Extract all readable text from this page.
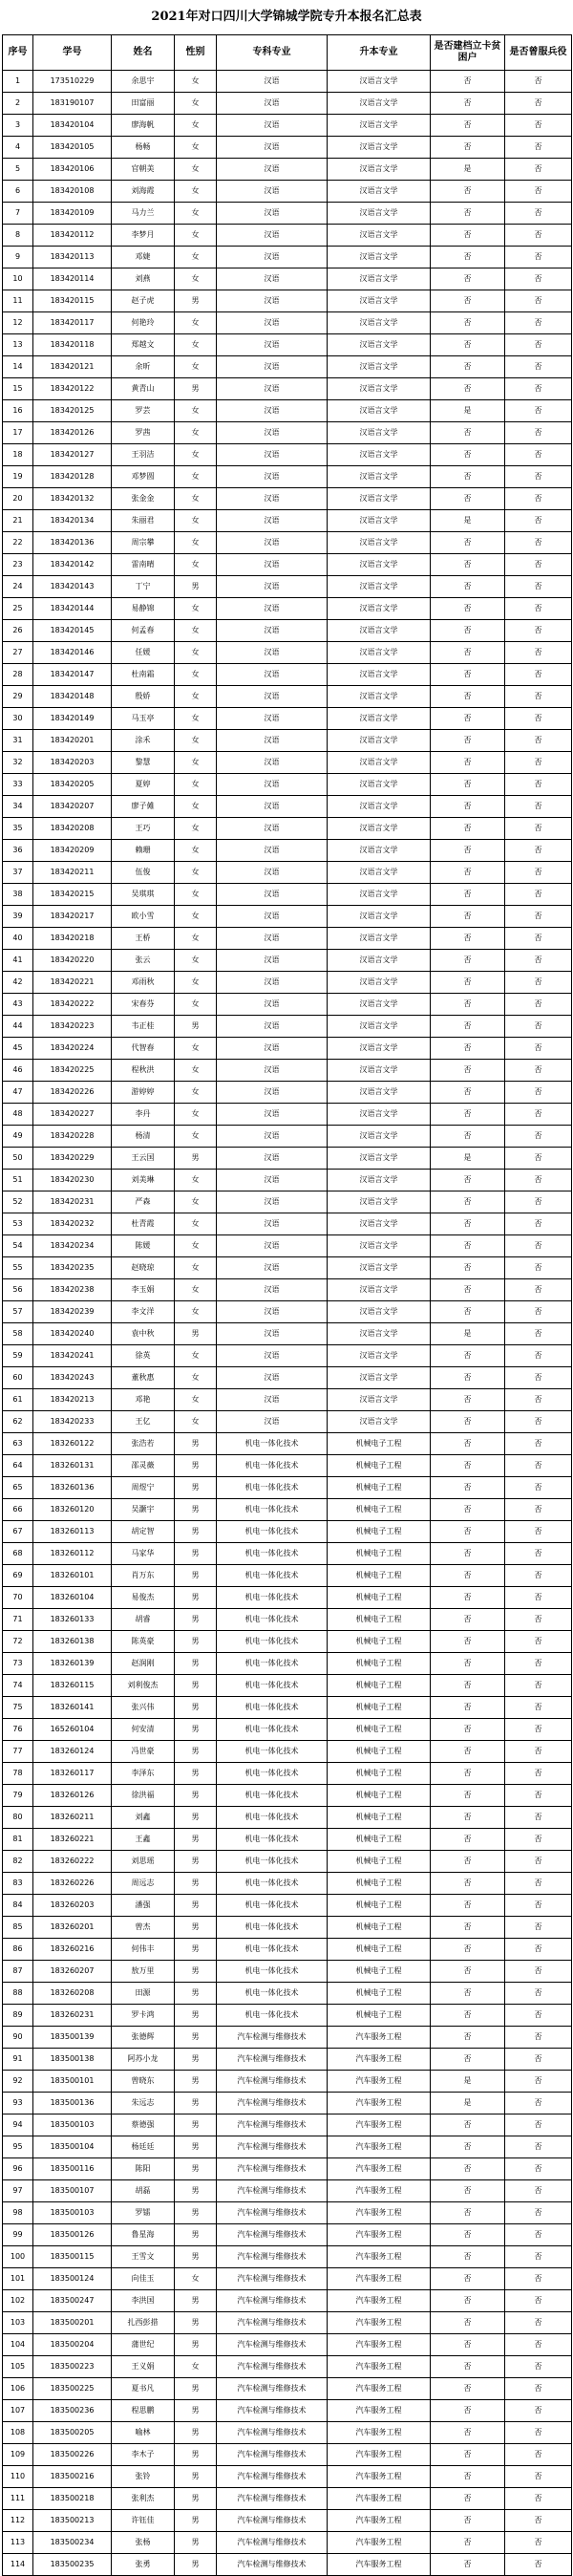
2021年对口四川大学锦城学院专升本报名汇总表
序号	学号	姓名	性别	专科专业	升本专业	是否建档立卡贫困户	是否曾服兵役
1	173510229	余思宇	女	汉语	汉语言文学	否	否
2	183190107	田富丽	女	汉语	汉语言文学	否	否
3	183420104	廖海帆	女	汉语	汉语言文学	否	否
4	183420105	杨畅	女	汉语	汉语言文学	否	否
5	183420106	官朝美	女	汉语	汉语言文学	是	否
6	183420108	刘海霞	女	汉语	汉语言文学	否	否
7	183420109	马力兰	女	汉语	汉语言文学	否	否
8	183420112	李梦月	女	汉语	汉语言文学	否	否
9	183420113	邓婕	女	汉语	汉语言文学	否	否
10	183420114	刘燕	女	汉语	汉语言文学	否	否
11	183420115	赵子虎	男	汉语	汉语言文学	否	否
12	183420117	何艳玲	女	汉语	汉语言文学	否	否
13	183420118	郑越文	女	汉语	汉语言文学	否	否
14	183420121	余昕	女	汉语	汉语言文学	否	否
15	183420122	黄青山	男	汉语	汉语言文学	否	否
16	183420125	罗芸	女	汉语	汉语言文学	是	否
17	183420126	罗茜	女	汉语	汉语言文学	否	否
18	183420127	王羽洁	女	汉语	汉语言文学	否	否
19	183420128	邓梦圆	女	汉语	汉语言文学	否	否
20	183420132	张金金	女	汉语	汉语言文学	否	否
21	183420134	朱丽君	女	汉语	汉语言文学	是	否
22	183420136	周宗攀	女	汉语	汉语言文学	否	否
23	183420142	雷南晴	女	汉语	汉语言文学	否	否
24	183420143	丁宁	男	汉语	汉语言文学	否	否
25	183420144	易静锦	女	汉语	汉语言文学	否	否
26	183420145	何孟春	女	汉语	汉语言文学	否	否
27	183420146	任媛	女	汉语	汉语言文学	否	否
28	183420147	杜南霜	女	汉语	汉语言文学	否	否
29	183420148	殷娇	女	汉语	汉语言文学	否	否
30	183420149	马玉亭	女	汉语	汉语言文学	否	否
31	183420201	涂禾	女	汉语	汉语言文学	否	否
32	183420203	黎慧	女	汉语	汉语言文学	否	否
33	183420205	夏婷	女	汉语	汉语言文学	否	否
34	183420207	廖子傩	女	汉语	汉语言文学	否	否
35	183420208	王巧	女	汉语	汉语言文学	否	否
36	183420209	赖珊	女	汉语	汉语言文学	否	否
37	183420211	伍俊	女	汉语	汉语言文学	否	否
38	183420215	吴琪琪	女	汉语	汉语言文学	否	否
39	183420217	欧小雪	女	汉语	汉语言文学	否	否
40	183420218	王桥	女	汉语	汉语言文学	否	否
41	183420220	张云	女	汉语	汉语言文学	否	否
42	183420221	邓雨秋	女	汉语	汉语言文学	否	否
43	183420222	宋春芬	女	汉语	汉语言文学	否	否
44	183420223	韦正桂	男	汉语	汉语言文学	否	否
45	183420224	代智春	女	汉语	汉语言文学	否	否
46	183420225	程秋洪	女	汉语	汉语言文学	否	否
47	183420226	游婷婷	女	汉语	汉语言文学	否	否
48	183420227	李丹	女	汉语	汉语言文学	否	否
49	183420228	杨清	女	汉语	汉语言文学	否	否
50	183420229	王云国	男	汉语	汉语言文学	是	否
51	183420230	刘美琳	女	汉语	汉语言文学	否	否
52	183420231	严森	女	汉语	汉语言文学	否	否
53	183420232	杜青霞	女	汉语	汉语言文学	否	否
54	183420234	陈媛	女	汉语	汉语言文学	否	否
55	183420235	赵晓琼	女	汉语	汉语言文学	否	否
56	183420238	李玉娟	女	汉语	汉语言文学	否	否
57	183420239	李文洋	女	汉语	汉语言文学	否	否
58	183420240	袁中秋	男	汉语	汉语言文学	是	否
59	183420241	徐英	女	汉语	汉语言文学	否	否
60	183420243	董秋惠	女	汉语	汉语言文学	否	否
61	183420213	邓艳	女	汉语	汉语言文学	否	否
62	183420233	王亿	女	汉语	汉语言文学	否	否
63	183260122	张浩若	男	机电一体化技术	机械电子工程	否	否
64	183260131	邵灵薇	男	机电一体化技术	机械电子工程	否	否
65	183260136	周煜宁	男	机电一体化技术	机械电子工程	否	否
66	183260120	吴灏宇	男	机电一体化技术	机械电子工程	否	否
67	183260113	胡定智	男	机电一体化技术	机械电子工程	否	否
68	183260112	马家华	男	机电一体化技术	机械电子工程	否	否
69	183260101	肖万东	男	机电一体化技术	机械电子工程	否	否
70	183260104	易俊杰	男	机电一体化技术	机械电子工程	否	否
71	183260133	胡睿	男	机电一体化技术	机械电子工程	否	否
72	183260138	陈英豪	男	机电一体化技术	机械电子工程	否	否
73	183260139	赵润刚	男	机电一体化技术	机械电子工程	否	否
74	183260115	刘利俊杰	男	机电一体化技术	机械电子工程	否	否
75	183260141	张兴伟	男	机电一体化技术	机械电子工程	否	否
76	165260104	何安清	男	机电一体化技术	机械电子工程	否	否
77	183260124	冯世豪	男	机电一体化技术	机械电子工程	否	否
78	183260117	李泽东	男	机电一体化技术	机械电子工程	否	否
79	183260126	徐洪福	男	机电一体化技术	机械电子工程	否	否
80	183260211	刘鑫	男	机电一体化技术	机械电子工程	否	否
81	183260221	王鑫	男	机电一体化技术	机械电子工程	否	否
82	183260222	刘思瑶	男	机电一体化技术	机械电子工程	否	否
83	183260226	周远志	男	机电一体化技术	机械电子工程	否	否
84	183260203	潘强	男	机电一体化技术	机械电子工程	否	否
85	183260201	曾杰	男	机电一体化技术	机械电子工程	否	否
86	183260216	何伟丰	男	机电一体化技术	机械电子工程	否	否
87	183260207	敖万里	男	机电一体化技术	机械电子工程	否	否
88	183260208	田源	男	机电一体化技术	机械电子工程	否	否
89	183260231	罗卡鸿	男	机电一体化技术	机械电子工程	否	否
90	183500139	张德辉	男	汽车检测与维修技术	汽车服务工程	否	否
91	183500138	阿苏小龙	男	汽车检测与维修技术	汽车服务工程	否	否
92	183500101	曾晓东	男	汽车检测与维修技术	汽车服务工程	是	否
93	183500136	朱远志	男	汽车检测与维修技术	汽车服务工程	是	否
94	183500103	蔡德强	男	汽车检测与维修技术	汽车服务工程	否	否
95	183500104	杨廷廷	男	汽车检测与维修技术	汽车服务工程	否	否
96	183500116	陈阳	男	汽车检测与维修技术	汽车服务工程	否	否
97	183500107	胡磊	男	汽车检测与维修技术	汽车服务工程	否	否
98	183500103	罗镭	男	汽车检测与维修技术	汽车服务工程	否	否
99	183500126	鲁星海	男	汽车检测与维修技术	汽车服务工程	否	否
100	183500115	王雪文	男	汽车检测与维修技术	汽车服务工程	否	否
101	183500124	向佳玉	女	汽车检测与维修技术	汽车服务工程	否	否
102	183500247	李洪国	男	汽车检测与维修技术	汽车服务工程	否	否
103	183500201	扎西彭措	男	汽车检测与维修技术	汽车服务工程	否	否
104	183500204	蒲世纪	男	汽车检测与维修技术	汽车服务工程	否	否
105	183500223	王义娟	女	汽车检测与维修技术	汽车服务工程	否	否
106	183500225	夏书凡	男	汽车检测与维修技术	汽车服务工程	否	否
107	183500236	程思鹏	男	汽车检测与维修技术	汽车服务工程	否	否
108	183500205	喻林	男	汽车检测与维修技术	汽车服务工程	否	否
109	183500226	李木子	男	汽车检测与维修技术	汽车服务工程	否	否
110	183500216	张铃	男	汽车检测与维修技术	汽车服务工程	否	否
111	183500218	张利杰	男	汽车检测与维修技术	汽车服务工程	否	否
112	183500213	许钰佳	男	汽车检测与维修技术	汽车服务工程	否	否
113	183500234	张杨	男	汽车检测与维修技术	汽车服务工程	否	否
114	183500235	张勇	男	汽车检测与维修技术	汽车服务工程	否	否
